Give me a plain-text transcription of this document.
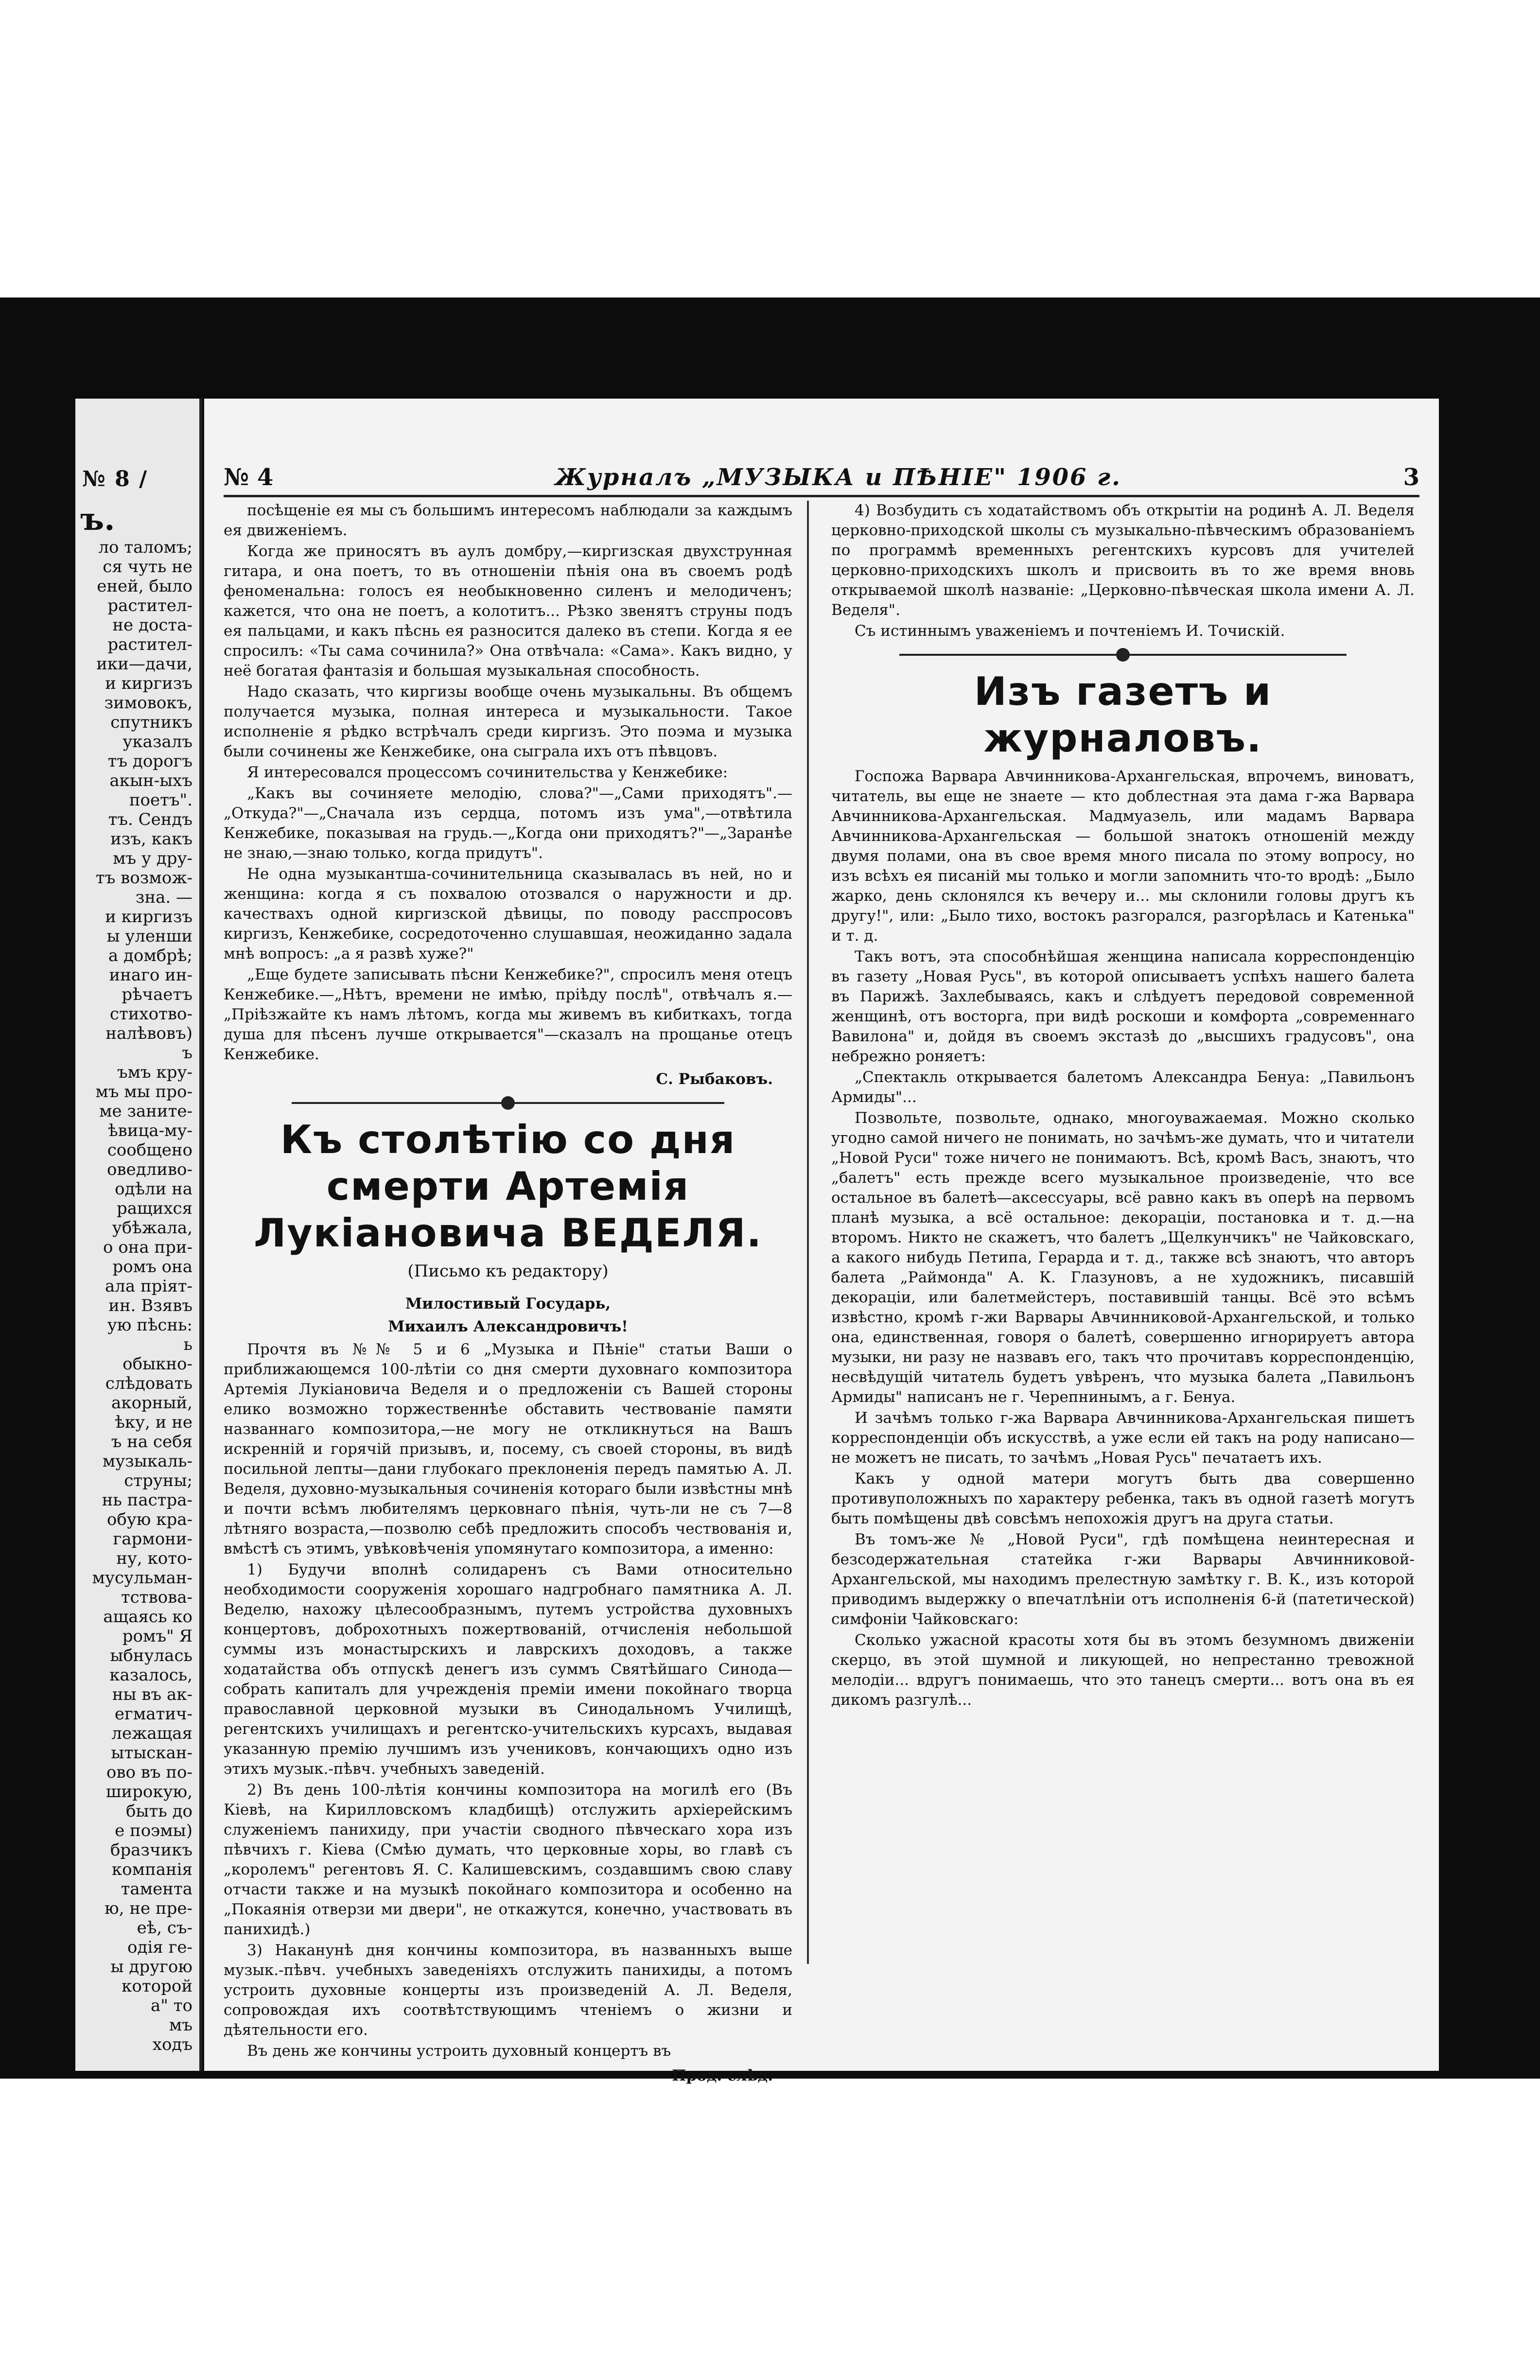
№ 8 /
ъ.
ло таломъ;
ся чуть не
еней, было
растител-
не доста-
растител-
ики—дачи,
и киргизъ
зимовокъ,
спутникъ
указалъ
тъ дорогъ
акын-ыхъ
поетъ".
тъ. Сендъ
изъ, какъ
мъ у дру-
тъ возмож-
зна. —
и киргизъ
ы уленши
а домбрѣ;
инаго ин-
рѣчаетъ
стихотво-
налѣвовъ)
ъ
ъмъ кру-
мъ мы про-
ме заните-
ѣвица-му-
сообщено
оведливо-
одѣли на
ращихся
убѣжала,
о она при-
ромъ она
ала пріят-
ин. Взявъ
ую пѣснь:
ь
обыкно-
слѣдовать
акорный,
ѣку, и не
ъ на себя
музыкаль-
струны;
нь пастра-
обую кра-
гармони-
ну, кото-
мусульман-
тствова-
ащаясь ко
ромъ" Я
ыбнулась
казалось,
ны въ ак-
егматич-
лежащая
ытыскан-
ово въ по-
широкую,
быть до
е поэмы)
бразчикъ
компанія
тамента
ю, не пре-
еѣ, съ-
одія ге-
ы другою
которой
а" то
мъ
ходъ
№ 4	Журналъ „МУЗЫКА и ПѢНІЕ" 1906 г.	3

посѣщеніе ея мы съ большимъ интересомъ наблюдали за каждымъ ея движеніемъ.

Когда же приносятъ въ аулъ домбру,—киргизская двухструнная гитара, и она поетъ, то въ отношеніи пѣнія она въ своемъ родѣ феноменальна: голосъ ея необыкновенно силенъ и мелодиченъ; кажется, что она не поетъ, а колотитъ... Рѣзко звенятъ струны подъ ея пальцами, и какъ пѣснь ея разносится далеко въ степи. Когда я ее спросилъ: «Ты сама сочинила?» Она отвѣчала: «Сама». Какъ видно, у неё богатая фантазія и большая музыкальная способность.

Надо сказать, что киргизы вообще очень музыкальны. Въ общемъ получается музыка, полная интереса и музыкальности. Такое исполненіе я рѣдко встрѣчалъ среди киргизъ. Это поэма и музыка были сочинены же Кенжебике, она сыграла ихъ отъ пѣвцовъ.

Я интересовался процессомъ сочинительства у Кенжебике:

„Какъ вы сочиняете мелодію, слова?"—„Сами приходятъ".—„Откуда?"—„Сначала изъ сердца, потомъ изъ ума",—отвѣтила Кенжебике, показывая на грудь.—„Когда они приходятъ?"—„Заранѣе не знаю,—знаю только, когда придутъ".

Не одна музыкантша-сочинительница сказывалась въ ней, но и женщина: когда я съ похвалою отозвался о наружности и др. качествахъ одной киргизской дѣвицы, по поводу расспросовъ киргизъ, Кенжебике, сосредоточенно слушавшая, неожиданно задала мнѣ вопросъ: „а я развѣ хуже?"

„Еще будете записывать пѣсни Кенжебике?", спросилъ меня отецъ Кенжебике.—„Нѣтъ, времени не имѣю, пріѣду послѣ", отвѣчалъ я.—„Пріѣзжайте къ намъ лѣтомъ, когда мы живемъ въ кибиткахъ, тогда душа для пѣсенъ лучше открывается"—сказалъ на прощанье отецъ Кенжебике.

С. Рыбаковъ.
Къ столѣтію со дня смерти Артемія Лукіановича ВЕДЕЛЯ.
(Письмо къ редактору)
Милостивый Государь,
Михаилъ Александровичъ!

Прочтя въ №№ 5 и 6 „Музыка и Пѣніе" статьи Ваши о приближающемся 100-лѣтіи со дня смерти духовнаго композитора Артемія Лукіановича Веделя и о предложеніи съ Вашей стороны елико возможно торжественнѣе обставить чествованіе памяти названнаго композитора,—не могу не откликнуться на Вашъ искренній и горячій призывъ, и, посему, съ своей стороны, въ видѣ посильной лепты—дани глубокаго преклоненія передъ памятью А. Л. Веделя, духовно-музыкальныя сочиненія котораго были извѣстны мнѣ и почти всѣмъ любителямъ церковнаго пѣнія, чуть-ли не съ 7—8 лѣтняго возраста,—позволю себѣ предложить способъ чествованія и, вмѣстѣ съ этимъ, увѣковѣченія упомянутаго композитора, а именно:

1) Будучи вполнѣ солидаренъ съ Вами относительно необходимости сооруженія хорошаго надгробнаго памятника А. Л. Веделю, нахожу цѣлесообразнымъ, путемъ устройства духовныхъ концертовъ, доброхотныхъ пожертвованій, отчисленія небольшой суммы изъ монастырскихъ и лаврскихъ доходовъ, а также ходатайства объ отпускѣ денегъ изъ суммъ Святѣйшаго Синода—собрать капиталъ для учрежденія преміи имени покойнаго творца православной церковной музыки въ Синодальномъ Училищѣ, регентскихъ училищахъ и регентско-учительскихъ курсахъ, выдавая указанную премію лучшимъ изъ учениковъ, кончающихъ одно изъ этихъ музык.-пѣвч. учебныхъ заведеній.

2) Въ день 100-лѣтія кончины композитора на могилѣ его (Въ Кіевѣ, на Кирилловскомъ кладбищѣ) отслужить архіерейскимъ служеніемъ панихиду, при участіи сводного пѣвческаго хора изъ пѣвчихъ г. Кіева (Смѣю думать, что церковные хоры, во главѣ съ „королемъ" регентовъ Я. С. Калишевскимъ, создавшимъ свою славу отчасти также и на музыкѣ покойнаго композитора и особенно на „Покаянія отверзи ми двери", не откажутся, конечно, участвовать въ панихидѣ.)

3) Наканунѣ дня кончины композитора, въ названныхъ выше музык.-пѣвч. учебныхъ заведеніяхъ отслужить панихиды, а потомъ устроить духовные концерты изъ произведеній А. Л. Веделя, сопровождая ихъ соотвѣтствующимъ чтеніемъ о жизни и дѣятельности его.

Въ день же кончины устроить духовный концертъ въ

Прод. слѣд.

4) Возбудить съ ходатайствомъ объ открытіи на родинѣ А. Л. Веделя церковно-приходской школы съ музыкально-пѣвческимъ образованіемъ по программѣ временныхъ регентскихъ курсовъ для учителей церковно-приходскихъ школъ и присвоить въ то же время вновь открываемой школѣ названіе: „Церковно-пѣвческая школа имени А. Л. Веделя".

Съ истиннымъ уваженіемъ и почтеніемъ И. Точискій.

Изъ газетъ и журналовъ.

Госпожа Варвара Авчинникова-Архангельская, впрочемъ, виноватъ, читатель, вы еще не знаете — кто доблестная эта дама г-жа Варвара Авчинникова-Архангельская. Мадмуазель, или мадамъ Варвара Авчинникова-Архангельская — большой знатокъ отношеній между двумя полами, она въ свое время много писала по этому вопросу, но изъ всѣхъ ея писаній мы только и могли запомнить что-то вродѣ: „Было жарко, день склонялся къ вечеру и... мы склонили головы другъ къ другу!", или: „Было тихо, востокъ разгорался, разгорѣлась и Катенька" и т. д.

Такъ вотъ, эта способнѣйшая женщина написала корреспонденцію въ газету „Новая Русь", въ которой описываетъ успѣхъ нашего балета въ Парижѣ. Захлебываясь, какъ и слѣдуетъ передовой современной женщинѣ, отъ восторга, при видѣ роскоши и комфорта „современнаго Вавилона" и, дойдя въ своемъ экстазѣ до „высшихъ градусовъ", она небрежно роняетъ:

„Спектакль открывается балетомъ Александра Бенуа: „Павильонъ Армиды"...

Позвольте, позвольте, однако, многоуважаемая. Можно сколько угодно самой ничего не понимать, но зачѣмъ-же думать, что и читатели „Новой Руси" тоже ничего не понимаютъ. Всѣ, кромѣ Васъ, знаютъ, что „балетъ" есть прежде всего музыкальное произведеніе, что все остальное въ балетѣ—аксессуары, всё равно какъ въ оперѣ на первомъ планѣ музыка, а всё остальное: декораціи, постановка и т. д.—на второмъ. Никто не скажетъ, что балетъ „Щелкунчикъ" не Чайковскаго, а какого нибудь Петипа, Герарда и т. д., также всѣ знаютъ, что авторъ балета „Раймонда" А. К. Глазуновъ, а не художникъ, писавшій декораціи, или балетмейстеръ, поставившій танцы. Всё это всѣмъ извѣстно, кромѣ г-жи Варвары Авчинниковой-Архангельской, и только она, единственная, говоря о балетѣ, совершенно игнорируетъ автора музыки, ни разу не назвавъ его, такъ что прочитавъ корреспонденцію, несвѣдущій читатель будетъ увѣренъ, что музыка балета „Павильонъ Армиды" написанъ не г. Черепнинымъ, а г. Бенуа.

И зачѣмъ только г-жа Варвара Авчинникова-Архангельская пишетъ корреспонденціи объ искусствѣ, а уже если ей такъ на роду написано—не можетъ не писать, то зачѣмъ „Новая Русь" печатаетъ ихъ.

Какъ у одной матери могутъ быть два совершенно противуположныхъ по характеру ребенка, такъ въ одной газетѣ могутъ быть помѣщены двѣ совсѣмъ непохожія другъ на друга статьи.

Въ томъ-же № „Новой Руси", гдѣ помѣщена неинтересная и безсодержательная статейка г-жи Варвары Авчинниковой-Архангельской, мы находимъ прелестную замѣтку г. В. К., изъ которой приводимъ выдержку о впечатлѣніи отъ исполненія 6-й (патетической) симфоніи Чайковскаго:

Сколько ужасной красоты хотя бы въ этомъ безумномъ движеніи скерцо, въ этой шумной и ликующей, но непрестанно тревожной мелодіи... вдругъ понимаешь, что это танецъ смерти... вотъ она въ ея дикомъ разгулѣ...
